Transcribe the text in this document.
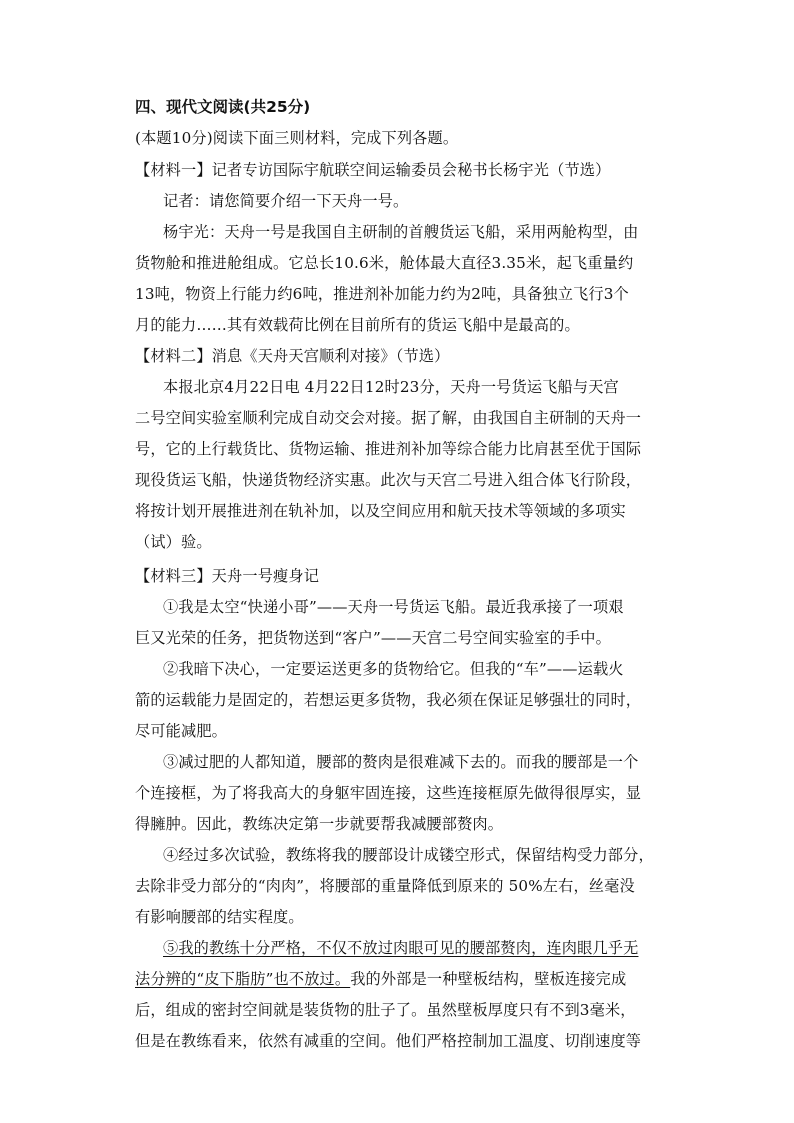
四、现代文阅读(共25分)
(本题10分)阅读下面三则材料，完成下列各题。
【材料一】记者专访国际宇航联空间运输委员会秘书长杨宇光（节选）
记者：请您简要介绍一下天舟一号。
杨宇光：天舟一号是我国自主研制的首艘货运飞船，采用两舱构型，由
货物舱和推进舱组成。它总长10.6米，舱体最大直径3.35米，起飞重量约
13吨，物资上行能力约6吨，推进剂补加能力约为2吨，具备独立飞行3个
月的能力……其有效载荷比例在目前所有的货运飞船中是最高的。
【材料二】消息《天舟天宫顺利对接》（节选）
本报北京4月22日电 4月22日12时23分，天舟一号货运飞船与天宫
二号空间实验室顺利完成自动交会对接。据了解，由我国自主研制的天舟一
号，它的上行载货比、货物运输、推进剂补加等综合能力比肩甚至优于国际
现役货运飞船，快递货物经济实惠。此次与天宫二号进入组合体飞行阶段，
将按计划开展推进剂在轨补加，以及空间应用和航天技术等领域的多项实
（试）验。
【材料三】天舟一号瘦身记
①我是太空“快递小哥”——天舟一号货运飞船。最近我承接了一项艰
巨又光荣的任务，把货物送到“客户”——天宫二号空间实验室的手中。
②我暗下决心，一定要运送更多的货物给它。但我的“车”——运载火
箭的运载能力是固定的，若想运更多货物，我必须在保证足够强壮的同时，
尽可能减肥。
③减过肥的人都知道，腰部的赘肉是很难减下去的。而我的腰部是一个
个连接框，为了将我高大的身躯牢固连接，这些连接框原先做得很厚实，显
得臃肿。因此，教练决定第一步就要帮我减腰部赘肉。
④经过多次试验，教练将我的腰部设计成镂空形式，保留结构受力部分，
去除非受力部分的“肉肉”，将腰部的重量降低到原来的 50%左右，丝毫没
有影响腰部的结实程度。
⑤我的教练十分严格，不仅不放过肉眼可见的腰部赘肉，连肉眼几乎无
法分辨的“皮下脂肪”也不放过。我的外部是一种壁板结构，壁板连接完成
后，组成的密封空间就是装货物的肚子了。虽然壁板厚度只有不到3毫米，
但是在教练看来，依然有减重的空间。他们严格控制加工温度、切削速度等
